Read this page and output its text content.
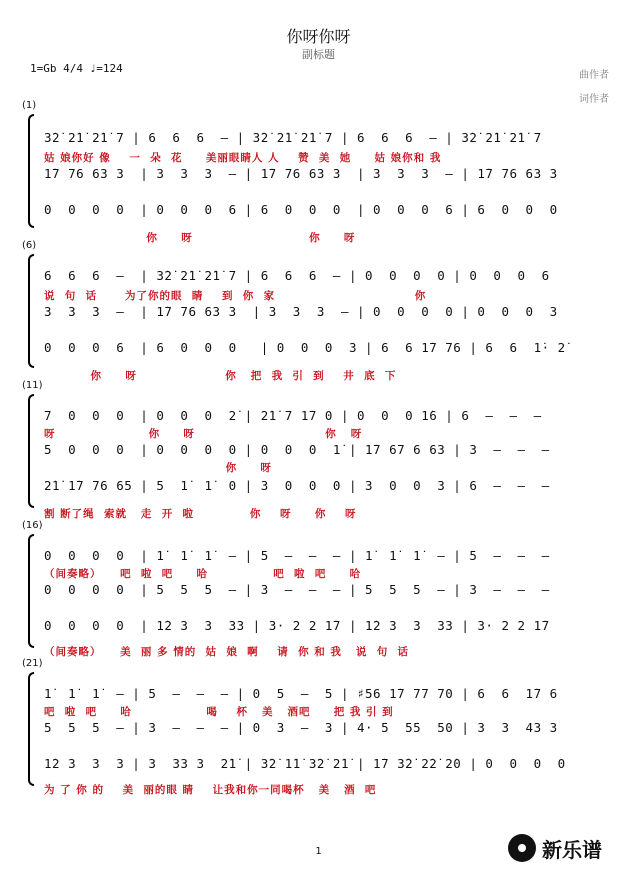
你呀你呀
副标题
1=Gb 4/4 ♩=124
曲作者
词作者
(1)
3̇2̇ 2̇1̇ 2̇1̇ 7 | 6  6  6  – | 3̇2̇ 2̇1̇ 2̇1̇ 7 | 6  6  6  – | 3̇2̇ 2̇1̇ 2̇1̇ 7
姑 娘你好 像    一  朵  花     美丽眼睛人 人    赞  美  她     姑 娘你和 我
1̇7 76 63 3  | 3  3  3  – | 1̇7 76 63 3  | 3  3  3  – | 1̇7 76 63 3
0  0  0  0  | 0  0  0  6 | 6  0  0  0  | 0  0  0  6 | 6  0  0  0
你     呀                         你     呀
(6)
6  6  6  –  | 3̇2̇ 2̇1̇ 2̇1̇ 7 | 6  6  6  – | 0  0  0  0 | 0  0  0  6
说  句  话      为了你的眼  睛    到  你  家                              你
3  3  3  –  | 1̇7 76 63 3  | 3  3  3  – | 0  0  0  0 | 0  0  0  3
0  0  0  6  | 6  0  0  0   | 0  0  0  3 | 6  6 1̇7 76 | 6  6  1̇· 2̇
你     呀                   你   把  我  引  到    井  底  下
(11)
7  0  0  0  | 0  0  0  2̇ | 2̇1̇ 7 1̇7 0 | 0  0  0 1̇6 | 6  –  –  –
呀                    你     呀                            你   呀
5  0  0  0  | 0  0  0  0 | 0  0  0  1̇ | 1̇7 67 6 63 | 3  –  –  –
你     呀
2̇1̇ 1̇7 76 65 | 5  1̇  1̇  0 | 3  0  0  0 | 3  0  0  3 | 6  –  –  –
割 断了绳  索就   走  开  啦            你    呀     你    呀
(16)
0  0  0  0  | 1̇  1̇  1̇  – | 5  –  –  – | 1̇  1̇  1̇  – | 5  –  –  –
（间奏略）    吧  啦  吧     哈              吧  啦  吧     哈
0  0  0  0  | 5  5  5  – | 3  –  –  – | 5  5  5  – | 3  –  –  –
0  0  0  0  | 1̇2 3  3  33 | 3· 2 2 1̇7 | 1̇2 3  3  33 | 3· 2 2 1̇7
（间奏略）    美  丽 多 情的  姑  娘  啊    请  你 和 我   说  句  话
(21)
1̇  1̇  1̇  – | 5  –  –  – | 0  5  –  5 | ♯56 1̇7 77 70 | 6  6  1̇7 6
吧  啦  吧     哈                喝    杯   美   酒吧     把 我 引 到
5  5  5  – | 3  –  –  – | 0  3  –  3 | 4· 5  55  50 | 3  3  43 3
1̇2 3  3  3 | 3  33 3  2̇1̇ | 3̇2̇ 1̇1̇ 3̇2̇ 2̇1̇ | 1̇7 3̇2̇ 2̇2̇ 2̇0 | 0  0  0  0
为 了 你 的    美  丽的眼 睛    让我和你一同喝杯   美   酒  吧
1	新乐谱
